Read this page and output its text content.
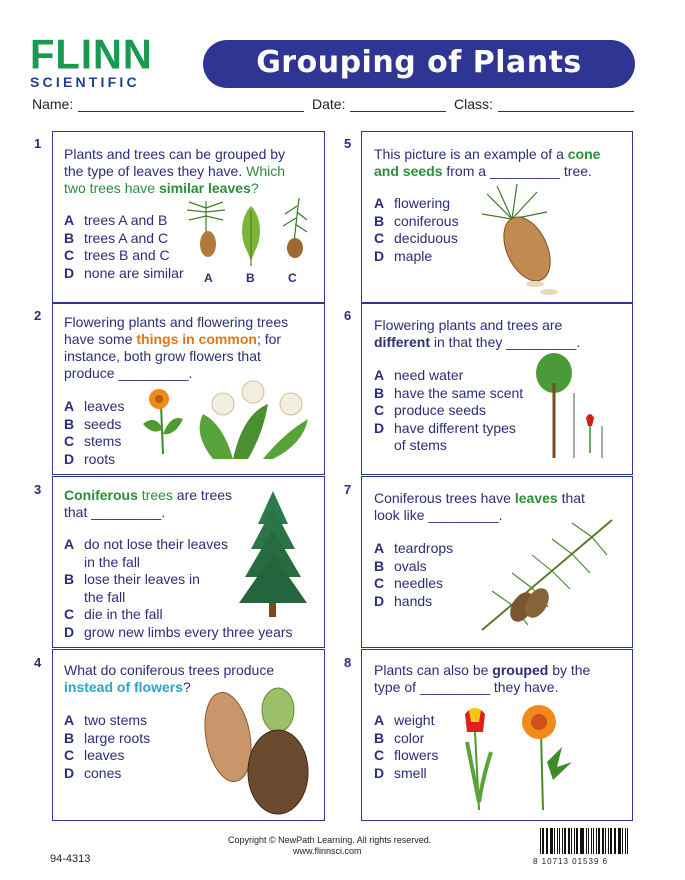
FLINN
SCIENTIFIC
Grouping of Plants
Name:	Date:	Class:
1
Plants and trees can be grouped by
the type of leaves they have. Which
two trees have similar leaves?
A trees A and B
B trees A and C
C trees B and C
D none are similar A	B	C
2 Flowering plants and flowering trees
have some things in common; for
instance, both grow flowers that
produce _________.
A leaves
B seeds
C stems
D roots
3 Coniferous trees are trees
that _________.
A do not lose their leaves
in the fall
B lose their leaves in
the fall
C die in the fall
D grow new limbs every three years
4 What do coniferous trees produce
instead of flowers?
A two stems
B large roots
C leaves
D cones
5
This picture is an example of a cone
and seeds from a _________ tree.
A flowering
B coniferous
C deciduous
D maple
6
Flowering plants and trees are
different in that they _________.
A need water
B have the same scent
C produce seeds
D have different types
of stems
7
Coniferous trees have leaves that
look like _________.
A teardrops
B ovals
C needles
D hands
8 Plants can also be grouped by the
type of _________ they have.
A weight
B color
C flowers
D smell
Copyright © NewPath Learning. All rights reserved.
www.flinnsci.com
94-4313	8 10713 01539 6
